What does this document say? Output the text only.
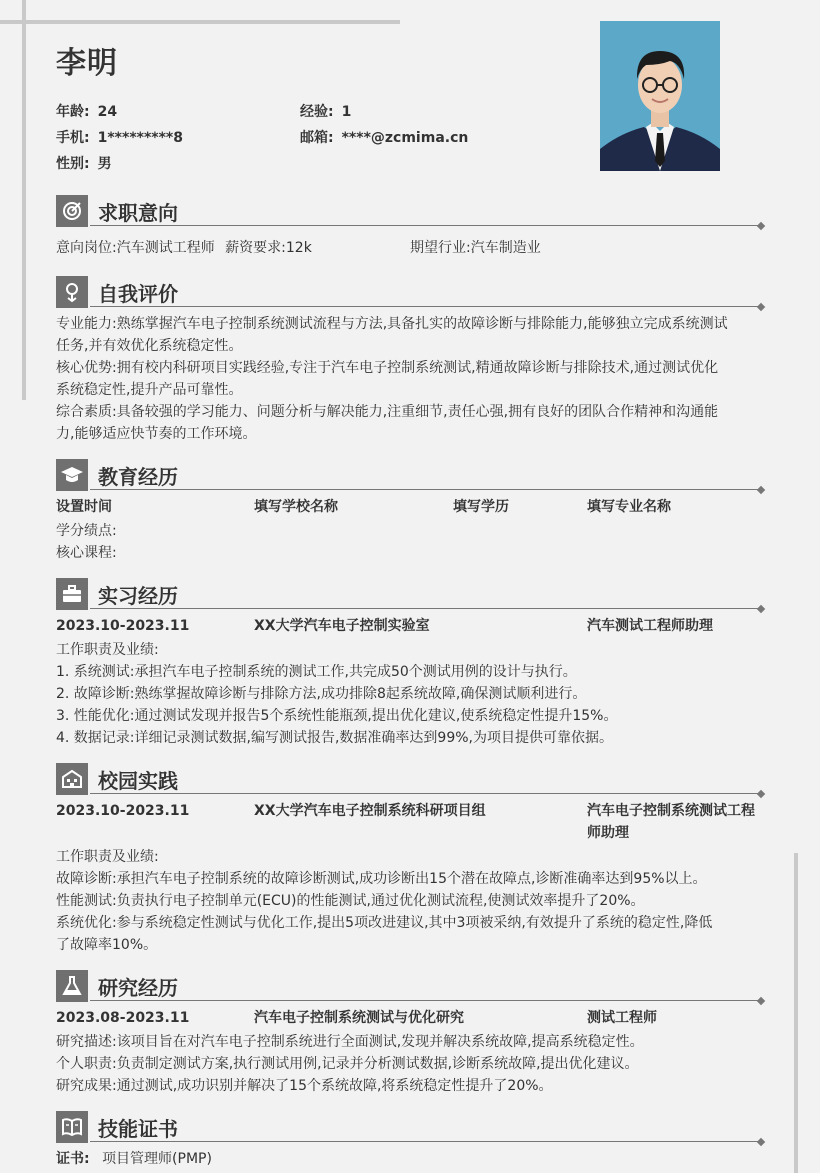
李明
年龄: 24	经验: 1
手机: 1*********8	邮箱: ****@zcmima.cn
性别: 男
求职意向
意向岗位:汽车测试工程师 薪资要求:12k	期望行业:汽车制造业
自我评价
专业能力:熟练掌握汽车电子控制系统测试流程与方法,具备扎实的故障诊断与排除能力,能够独立完成系统测试
任务,并有效优化系统稳定性。
核心优势:拥有校内科研项目实践经验,专注于汽车电子控制系统测试,精通故障诊断与排除技术,通过测试优化
系统稳定性,提升产品可靠性。
综合素质:具备较强的学习能力、问题分析与解决能力,注重细节,责任心强,拥有良好的团队合作精神和沟通能
力,能够适应快节奏的工作环境。
教育经历
设置时间	填写学校名称	填写学历	填写专业名称
学分绩点:
核心课程:
实习经历
2023.10-2023.11	XX大学汽车电子控制实验室	汽车测试工程师助理
工作职责及业绩:
1. 系统测试:承担汽车电子控制系统的测试工作,共完成50个测试用例的设计与执行。
2. 故障诊断:熟练掌握故障诊断与排除方法,成功排除8起系统故障,确保测试顺利进行。
3. 性能优化:通过测试发现并报告5个系统性能瓶颈,提出优化建议,使系统稳定性提升15%。
4. 数据记录:详细记录测试数据,编写测试报告,数据准确率达到99%,为项目提供可靠依据。
校园实践
2023.10-2023.11	XX大学汽车电子控制系统科研项目组	汽车电子控制系统测试工程
师助理
工作职责及业绩:
故障诊断:承担汽车电子控制系统的故障诊断测试,成功诊断出15个潜在故障点,诊断准确率达到95%以上。
性能测试:负责执行电子控制单元(ECU)的性能测试,通过优化测试流程,使测试效率提升了20%。
系统优化:参与系统稳定性测试与优化工作,提出5项改进建议,其中3项被采纳,有效提升了系统的稳定性,降低
了故障率10%。
研究经历
2023.08-2023.11	汽车电子控制系统测试与优化研究	测试工程师
研究描述:该项目旨在对汽车电子控制系统进行全面测试,发现并解决系统故障,提高系统稳定性。
个人职责:负责制定测试方案,执行测试用例,记录并分析测试数据,诊断系统故障,提出优化建议。
研究成果:通过测试,成功识别并解决了15个系统故障,将系统稳定性提升了20%。
技能证书
证书: 项目管理师(PMP)
